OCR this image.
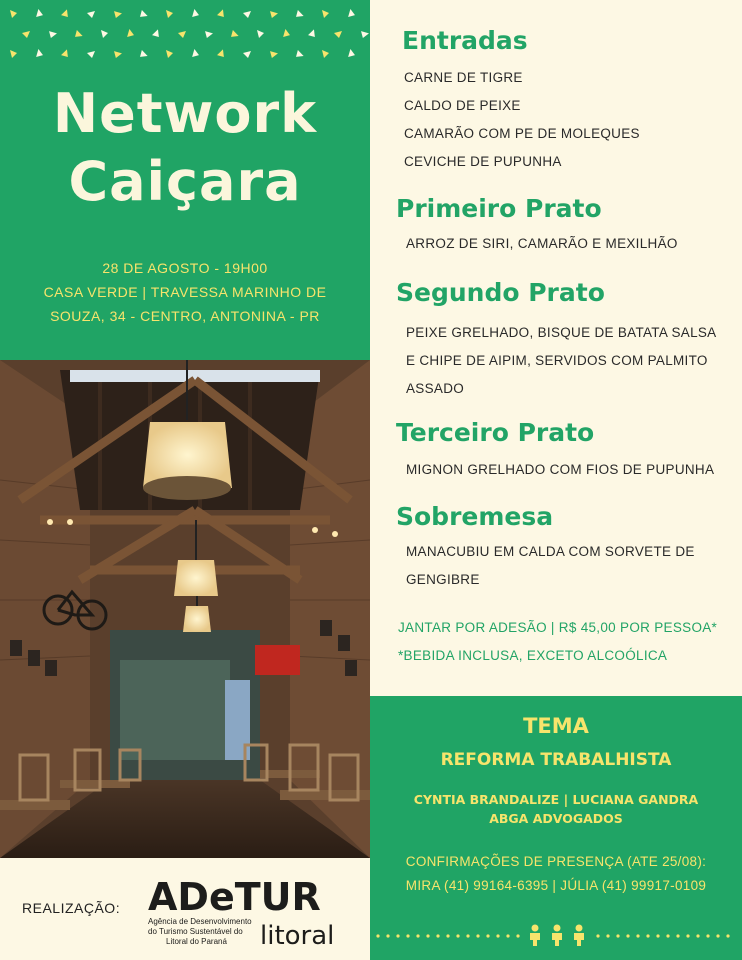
Network
Caiçara
28 DE AGOSTO - 19H00
CASA VERDE | TRAVESSA MARINHO DE
SOUZA, 34 - CENTRO, ANTONINA - PR
REALIZAÇÃO: ADeTUR
Agência de Desenvolvimento
do Turismo Sustentável do
Litoral do Paraná litoral
Entradas
CARNE DE TIGRE
CALDO DE PEIXE
CAMARÃO COM PE DE MOLEQUES
CEVICHE DE PUPUNHA
Primeiro Prato
ARROZ DE SIRI, CAMARÃO E MEXILHÃO
Segundo Prato
PEIXE GRELHADO, BISQUE DE BATATA SALSA
E CHIPE DE AIPIM, SERVIDOS COM PALMITO
ASSADO
Terceiro Prato
MIGNON GRELHADO COM FIOS DE PUPUNHA
Sobremesa
MANACUBIU EM CALDA COM SORVETE DE
GENGIBRE
JANTAR POR ADESÃO | R$ 45,00 POR PESSOA*
*BEBIDA INCLUSA, EXCETO ALCOÓLICA
TEMA
REFORMA TRABALHISTA
CYNTIA BRANDALIZE | LUCIANA GANDRA
ABGA ADVOGADOS
CONFIRMAÇÕES DE PRESENÇA (ATE 25/08):
MIRA (41) 99164-6395 | JÚLIA (41) 99917-0109
